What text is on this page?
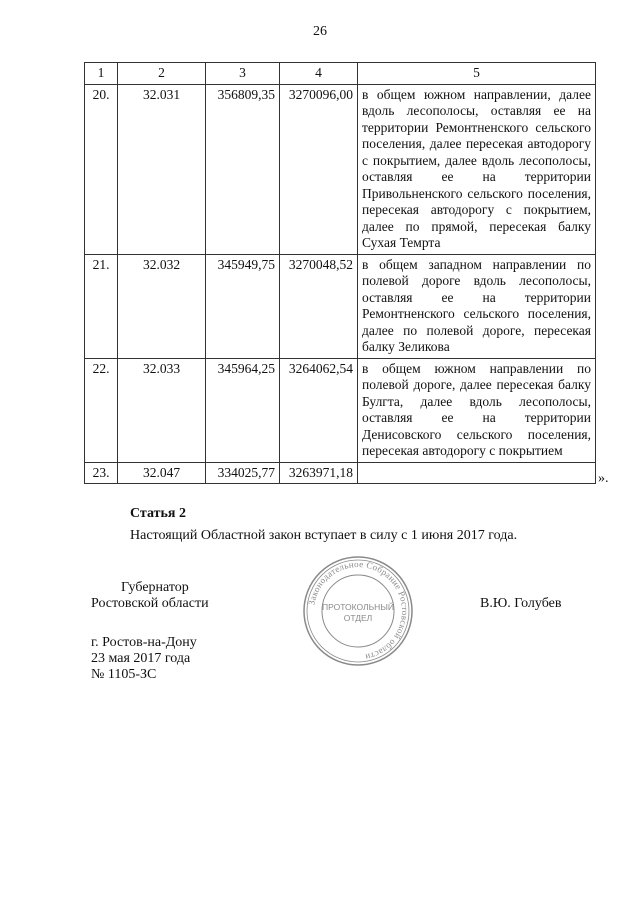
26
1	2	3	4	5
20.	32.031	356809,35	3270096,00	в общем южном направлении, далее вдоль лесополосы, оставляя ее на территории Ремонтненского сельского поселения, далее пересекая автодорогу с покрытием, далее вдоль лесополосы, оставляя ее на территории Привольненского сельского поселения, пересекая автодорогу с покрытием, далее по прямой, пересекая балку Сухая Темрта
21.	32.032	345949,75	3270048,52	в общем западном направлении по полевой дороге вдоль лесополосы, оставляя ее на территории Ремонтненского сельского поселения, далее по полевой дороге, пересекая балку Зеликова
22.	32.033	345964,25	3264062,54	в общем южном направлении по полевой дороге, далее пересекая балку Булгта, далее вдоль лесополосы, оставляя ее на территории Денисовского сельского поселения, пересекая автодорогу с покрытием
23.	32.047	334025,77	3263971,18		».
Статья 2
Настоящий Областной закон вступает в силу с 1 июня 2017 года.
Губернатор
Ростовской области	В.Ю. Голубев
г. Ростов-на-Дону
23 мая 2017 года
№ 1105-ЗС
Законодательное Собрание Ростовской области
ПРОТОКОЛЬНЫЙ
ОТДЕЛ
